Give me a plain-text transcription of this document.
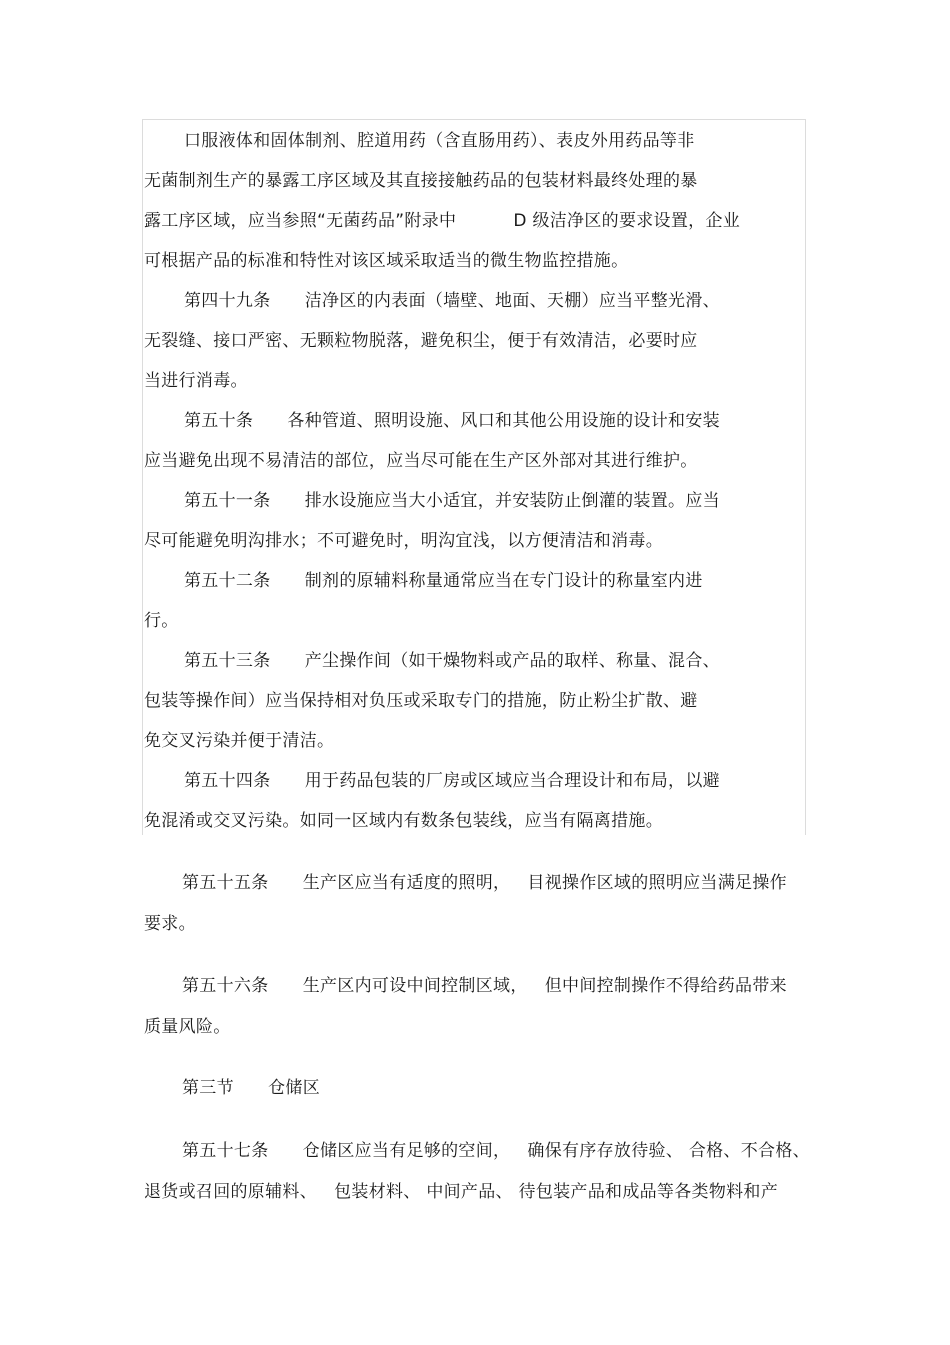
口服液体和固体制剂、腔道用药（含直肠用药）、表皮外用药品等非
无菌制剂生产的暴露工序区域及其直接接触药品的包装材料最终处理的暴
露工序区域，应当参照“无菌药品”附录中          D 级洁净区的要求设置，企业
可根据产品的标准和特性对该区域采取适当的微生物监控措施。
第四十九条      洁净区的内表面（墙壁、地面、天棚）应当平整光滑、
无裂缝、接口严密、无颗粒物脱落，避免积尘，便于有效清洁，必要时应
当进行消毒。
第五十条      各种管道、照明设施、风口和其他公用设施的设计和安装
应当避免出现不易清洁的部位，应当尽可能在生产区外部对其进行维护。
第五十一条      排水设施应当大小适宜，并安装防止倒灌的装置。应当
尽可能避免明沟排水；不可避免时，明沟宜浅，以方便清洁和消毒。
第五十二条      制剂的原辅料称量通常应当在专门设计的称量室内进
行。
第五十三条      产尘操作间（如干燥物料或产品的取样、称量、混合、
包装等操作间）应当保持相对负压或采取专门的措施，防止粉尘扩散、避
免交叉污染并便于清洁。
第五十四条      用于药品包装的厂房或区域应当合理设计和布局，以避
免混淆或交叉污染。如同一区域内有数条包装线，应当有隔离措施。
第五十五条      生产区应当有适度的照明，   目视操作区域的照明应当满足操作
要求。
第五十六条      生产区内可设中间控制区域，   但中间控制操作不得给药品带来
质量风险。
第三节      仓储区
第五十七条      仓储区应当有足够的空间，   确保有序存放待验、 合格、不合格、
退货或召回的原辅料、   包装材料、 中间产品、 待包装产品和成品等各类物料和产
